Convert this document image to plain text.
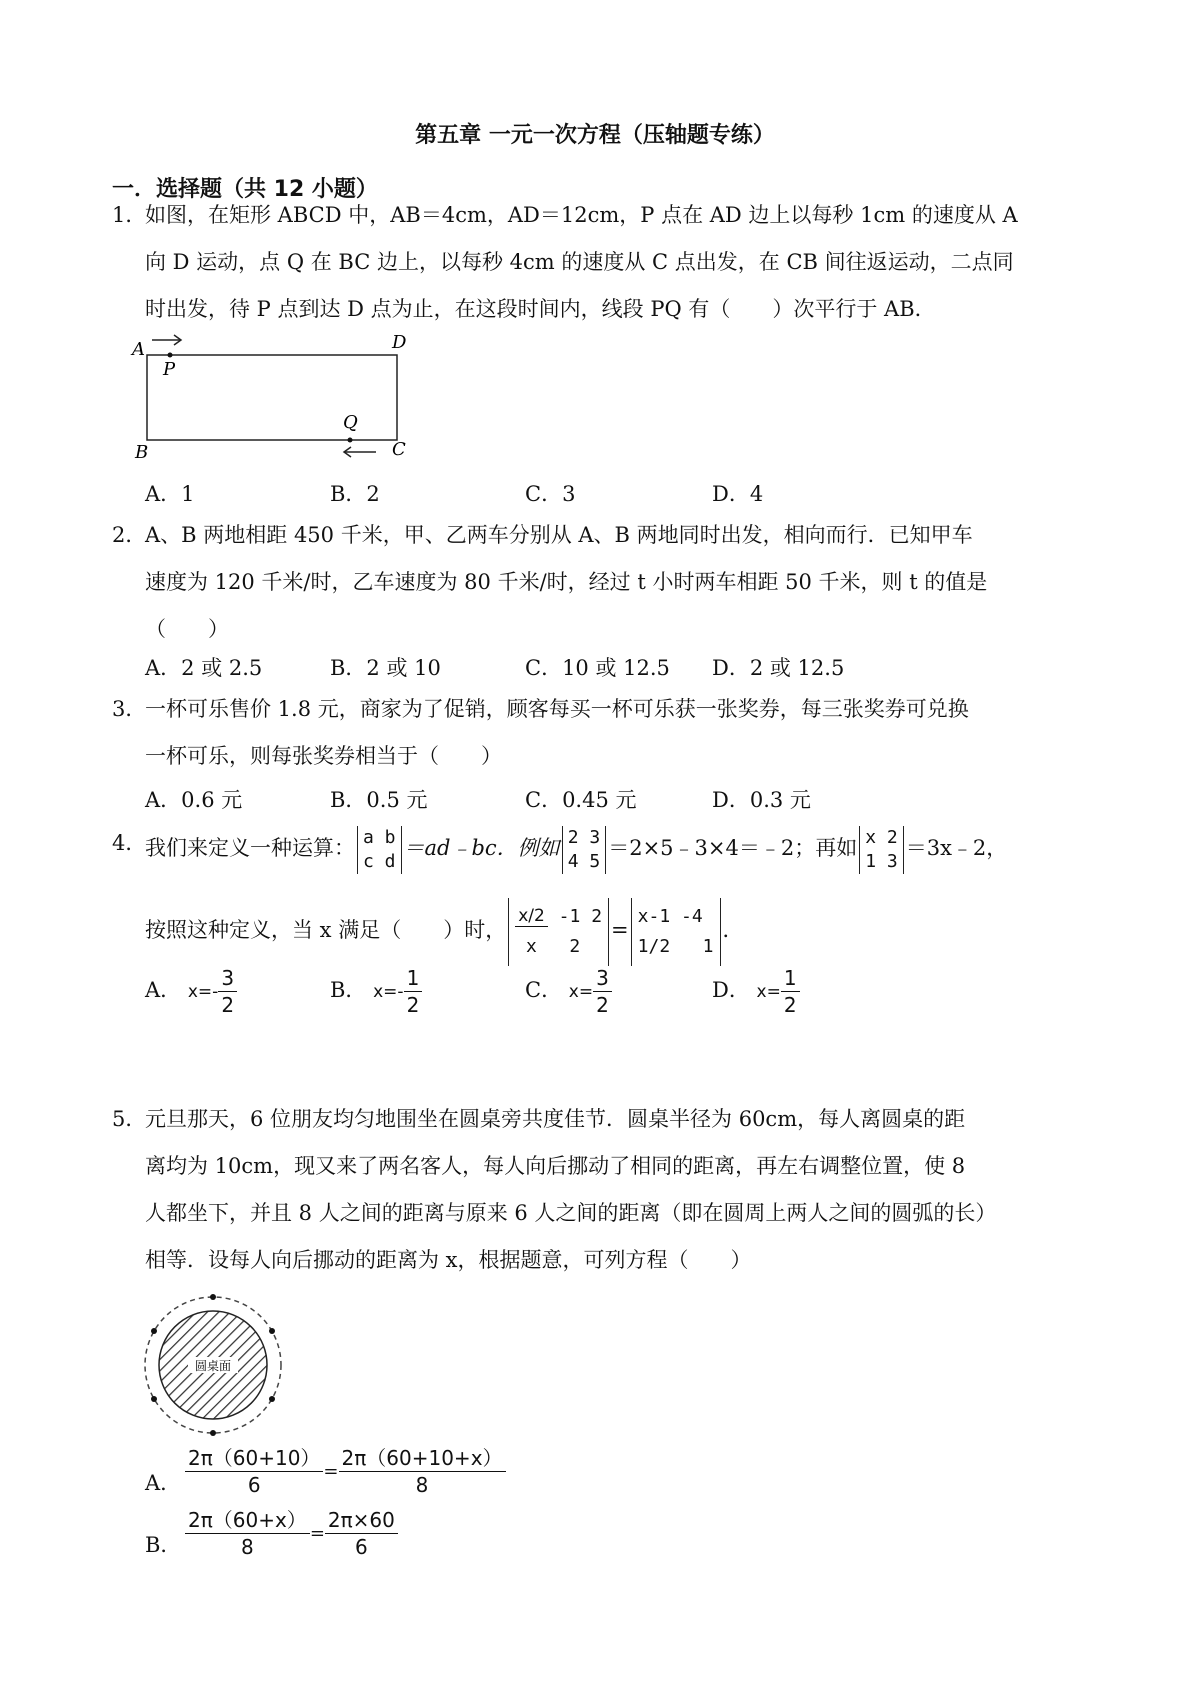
第五章 一元一次方程（压轴题专练）
一．选择题（共 12 小题）
1．
如图，在矩形 ABCD 中，AB＝4cm，AD＝12cm，P 点在 AD 边上以每秒 1cm 的速度从 A
向 D 运动，点 Q 在 BC 边上，以每秒 4cm 的速度从 C 点出发，在 CB 间往返运动，二点同
时出发，待 P 点到达 D 点为止，在这段时间内，线段 PQ 有（　　）次平行于 AB．
A	D
B	C
P
Q
A．1	B．2	C．3	D．4
2．
A、B 两地相距 450 千米，甲、乙两车分别从 A、B 两地同时出发，相向而行．已知甲车
速度为 120 千米/时，乙车速度为 80 千米/时，经过 t 小时两车相距 50 千米，则 t 的值是
（　　）
A．2 或 2.5	B．2 或 10	C．10 或 12.5 D．2 或 12.5
3．
一杯可乐售价 1.8 元，商家为了促销，顾客每买一杯可乐获一张奖券，每三张奖券可兑换
一杯可乐，则每张奖券相当于（　　）
A．0.6 元	B．0.5 元	C．0.45 元	D．0.3 元
4．
我们来定义一种运算： a b
c d
＝ad﹣bc．例如 2 3
4 5
＝2×5﹣3×4＝﹣2；再如 x 2
1 3
＝3x﹣2，
按照这种定义，当 x 满足（　　）时，
x/2 -1 2
x 2
=
x-1 -4
1/2 1
．
A． $x=- \frac{3}{2}$	B． $x=- \frac{1}{2}$	C． $x= \frac{3}{2}$	D． $x= \frac{1}{2}$
5．
元旦那天，6 位朋友均匀地围坐在圆桌旁共度佳节．圆桌半径为 60cm，每人离圆桌的距
离均为 10cm，现又来了两名客人，每人向后挪动了相同的距离，再左右调整位置，使 8
人都坐下，并且 8 人之间的距离与原来 6 人之间的距离（即在圆周上两人之间的圆弧的长）
相等．设每人向后挪动的距离为 x，根据题意，可列方程（　　）
圆桌面
A． $\frac{2\pi(60+10)}{6} = \frac{2\pi(60+10+x)}{8}$
B． $\frac{2\pi(60+x)}{8} = \frac{2\pi\times 60}{6}$
